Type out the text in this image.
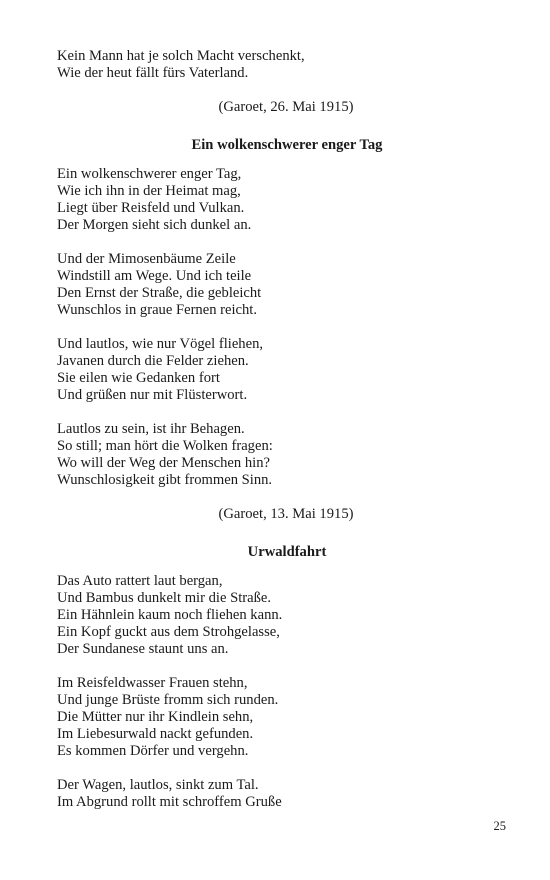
Kein Mann hat je solch Macht verschenkt,
Wie der heut fällt fürs Vaterland.
(Garoet, 26. Mai 1915)
Ein wolkenschwerer enger Tag
Ein wolkenschwerer enger Tag,
Wie ich ihn in der Heimat mag,
Liegt über Reisfeld und Vulkan.
Der Morgen sieht sich dunkel an.
Und der Mimosenbäume Zeile
Windstill am Wege. Und ich teile
Den Ernst der Straße, die gebleicht
Wunschlos in graue Fernen reicht.
Und lautlos, wie nur Vögel fliehen,
Javanen durch die Felder ziehen.
Sie eilen wie Gedanken fort
Und grüßen nur mit Flüsterwort.
Lautlos zu sein, ist ihr Behagen.
So still; man hört die Wolken fragen:
Wo will der Weg der Menschen hin?
Wunschlosigkeit gibt frommen Sinn.
(Garoet, 13. Mai 1915)
Urwaldfahrt
Das Auto rattert laut bergan,
Und Bambus dunkelt mir die Straße.
Ein Hähnlein kaum noch fliehen kann.
Ein Kopf guckt aus dem Strohgelasse,
Der Sundanese staunt uns an.
Im Reisfeldwasser Frauen stehn,
Und junge Brüste fromm sich runden.
Die Mütter nur ihr Kindlein sehn,
Im Liebesurwald nackt gefunden.
Es kommen Dörfer und vergehn.
Der Wagen, lautlos, sinkt zum Tal.
Im Abgrund rollt mit schroffem Gruße
25
